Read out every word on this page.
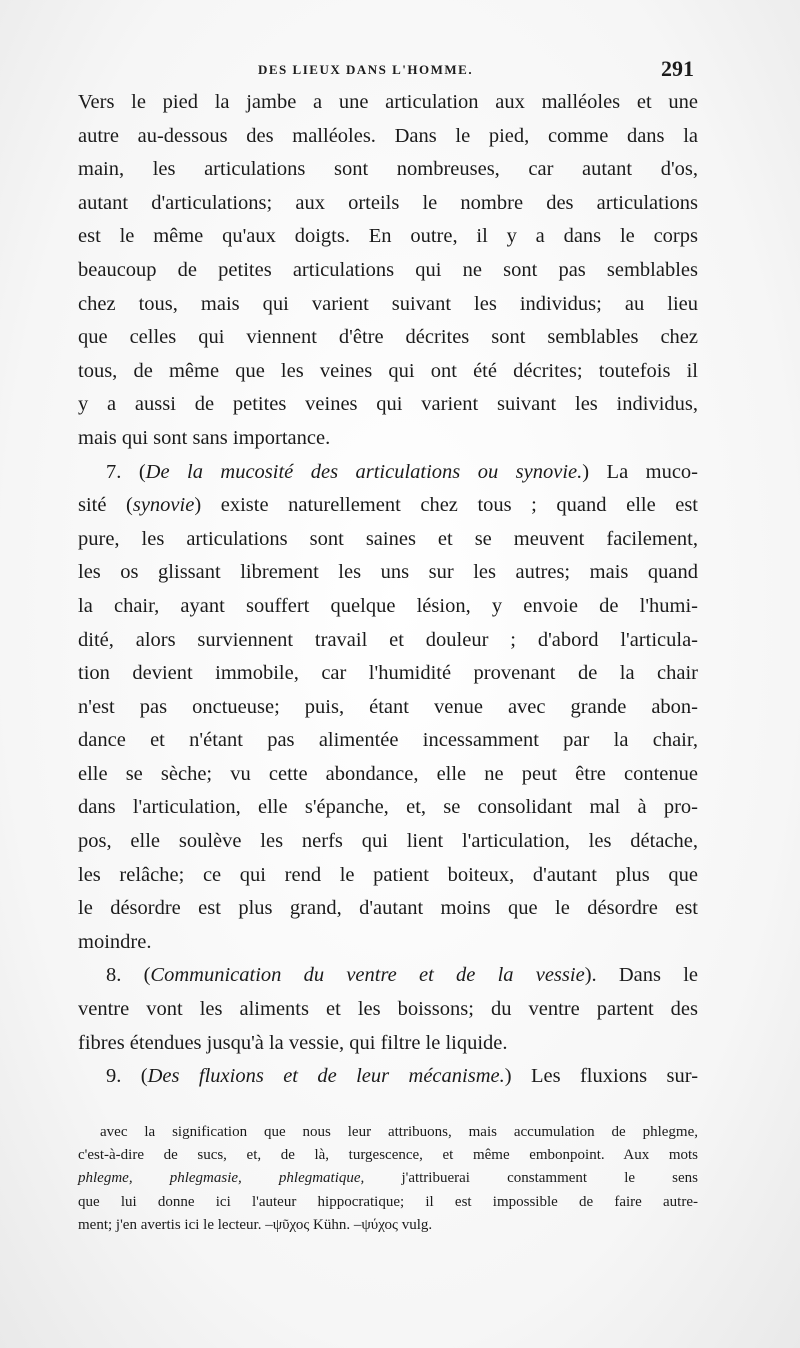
DES LIEUX DANS L'HOMME.	291
Vers le pied la jambe a une articulation aux malléoles et une
autre au-dessous des malléoles. Dans le pied, comme dans la
main, les articulations sont nombreuses, car autant d'os,
autant d'articulations; aux orteils le nombre des articulations
est le même qu'aux doigts. En outre, il y a dans le corps
beaucoup de petites articulations qui ne sont pas semblables
chez tous, mais qui varient suivant les individus; au lieu
que celles qui viennent d'être décrites sont semblables chez
tous, de même que les veines qui ont été décrites; toutefois il
y a aussi de petites veines qui varient suivant les individus,
mais qui sont sans importance.
7. (De la mucosité des articulations ou synovie.) La muco-
sité (synovie) existe naturellement chez tous ; quand elle est
pure, les articulations sont saines et se meuvent facilement,
les os glissant librement les uns sur les autres; mais quand
la chair, ayant souffert quelque lésion, y envoie de l'humi-
dité, alors surviennent travail et douleur ; d'abord l'articula-
tion devient immobile, car l'humidité provenant de la chair
n'est pas onctueuse; puis, étant venue avec grande abon-
dance et n'étant pas alimentée incessamment par la chair,
elle se sèche; vu cette abondance, elle ne peut être contenue
dans l'articulation, elle s'épanche, et, se consolidant mal à pro-
pos, elle soulève les nerfs qui lient l'articulation, les détache,
les relâche; ce qui rend le patient boiteux, d'autant plus que
le désordre est plus grand, d'autant moins que le désordre est
moindre.
8. (Communication du ventre et de la vessie). Dans le
ventre vont les aliments et les boissons; du ventre partent des
fibres étendues jusqu'à la vessie, qui filtre le liquide.
9. (Des fluxions et de leur mécanisme.) Les fluxions sur-
avec la signification que nous leur attribuons, mais accumulation de phlegme,
c'est-à-dire de sucs, et, de là, turgescence, et même embonpoint. Aux mots
phlegme, phlegmasie, phlegmatique, j'attribuerai constamment le sens
que lui donne ici l'auteur hippocratique; il est impossible de faire autre-
ment; j'en avertis ici le lecteur. –ψῦχος Kühn. –ψύχος vulg.
